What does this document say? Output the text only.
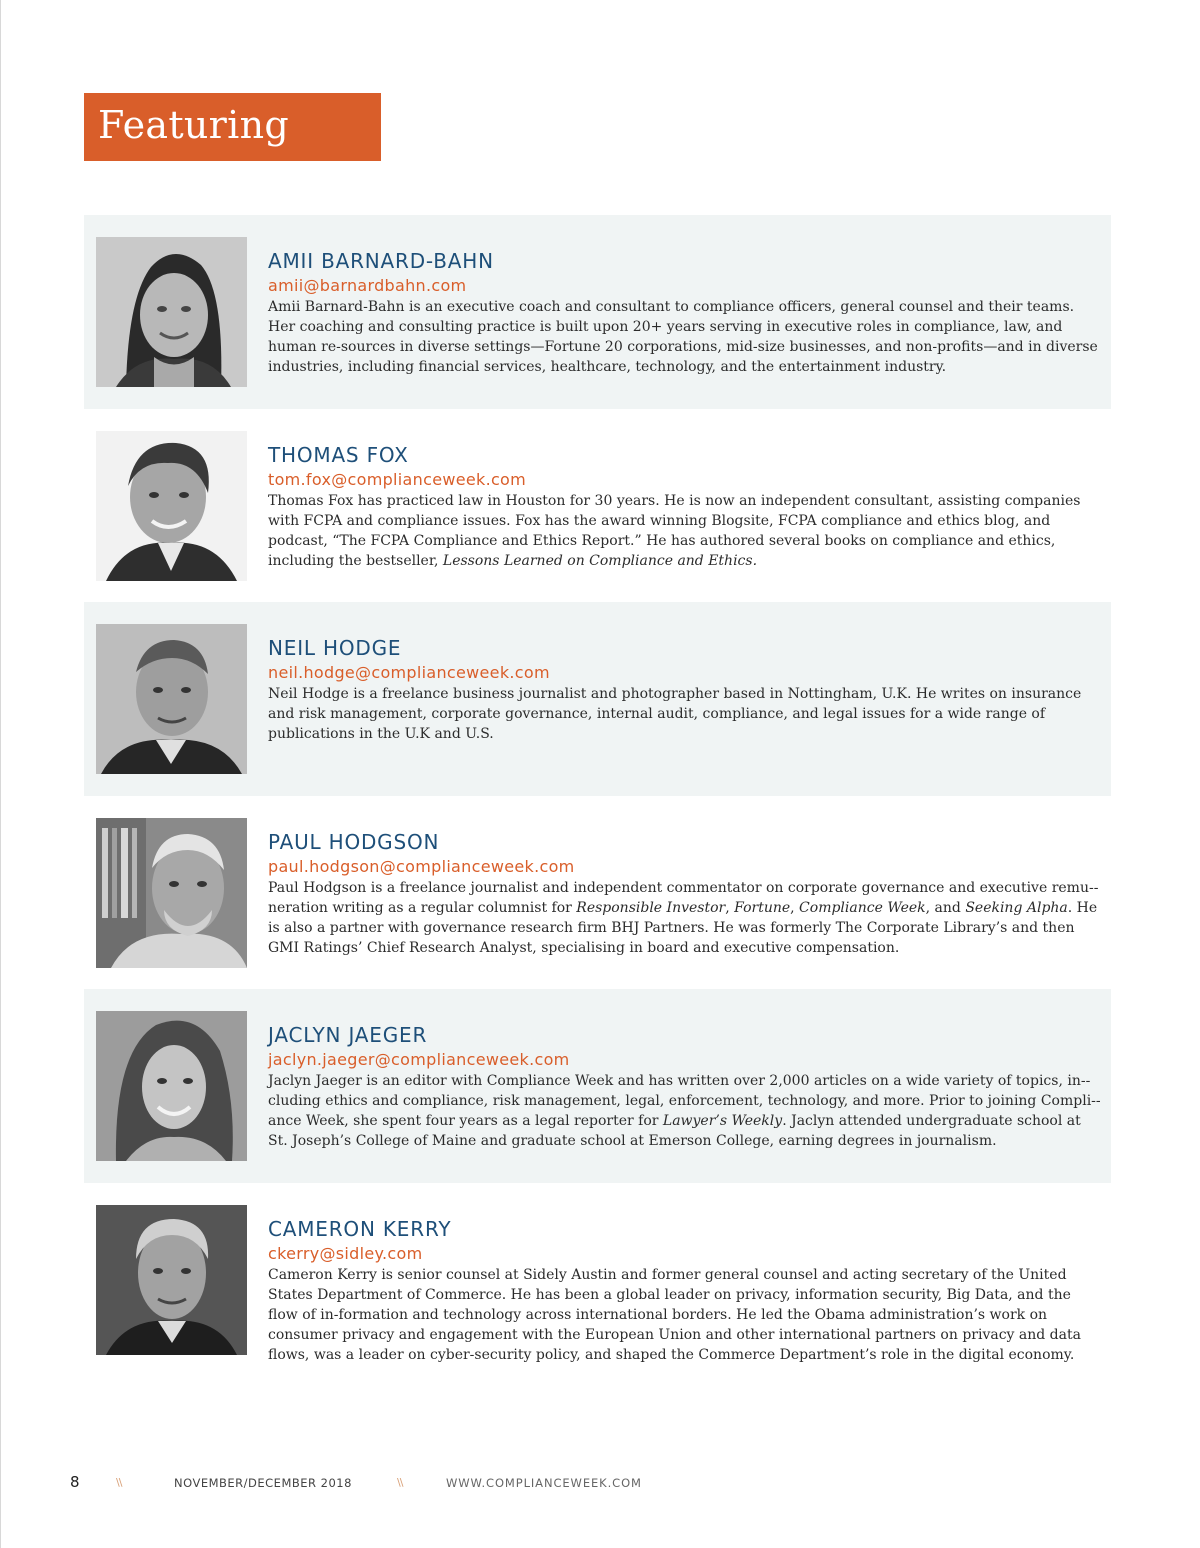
Featuring
AMII BARNARD-BAHN
amii@barnardbahn.com
Amii Barnard-Bahn is an executive coach and consultant to compliance officers, general counsel and their teams. Her coaching and consulting practice is built upon 20+ years serving in executive roles in compliance, law, and human re-sources in diverse settings—Fortune 20 corporations, mid-size businesses, and non-profits—and in diverse industries, including financial services, healthcare, technology, and the entertainment industry.
THOMAS FOX
tom.fox@complianceweek.com
Thomas Fox has practiced law in Houston for 30 years. He is now an independent consultant, assisting companies with FCPA and compliance issues. Fox has the award winning Blogsite, FCPA compliance and ethics blog, and podcast, “The FCPA Compliance and Ethics Report.” He has authored several books on compliance and ethics, including the bestseller, Lessons Learned on Compliance and Ethics.
NEIL HODGE
neil.hodge@complianceweek.com
Neil Hodge is a freelance business journalist and photographer based in Nottingham, U.K. He writes on insurance and risk management, corporate governance, internal audit, compliance, and legal issues for a wide range of publications in the U.K and U.S.
PAUL HODGSON
paul.hodgson@complianceweek.com
Paul Hodgson is a freelance journalist and independent commentator on corporate governance and executive remu-neration writing as a regular columnist for Responsible Investor, Fortune, Compliance Week, and Seeking Alpha. He is also a partner with governance research firm BHJ Partners. He was formerly The Corporate Library’s and then GMI Ratings’ Chief Research Analyst, specialising in board and executive compensation.
JACLYN JAEGER
jaclyn.jaeger@complianceweek.com
Jaclyn Jaeger is an editor with Compliance Week and has written over 2,000 articles on a wide variety of topics, in-cluding ethics and compliance, risk management, legal, enforcement, technology, and more. Prior to joining Compli-ance Week, she spent four years as a legal reporter for Lawyer’s Weekly. Jaclyn attended undergraduate school at St. Joseph’s College of Maine and graduate school at Emerson College, earning degrees in journalism.
CAMERON KERRY
ckerry@sidley.com
Cameron Kerry is senior counsel at Sidely Austin and former general counsel and acting secretary of the United States Department of Commerce. He has been a global leader on privacy, information security, Big Data, and the flow of in-formation and technology across international borders. He led the Obama administration’s work on consumer privacy and engagement with the European Union and other international partners on privacy and data flows, was a leader on cyber-security policy, and shaped the Commerce Department’s role in the digital economy.
8	\\	NOVEMBER/DECEMBER 2018	\\	WWW.COMPLIANCEWEEK.COM
